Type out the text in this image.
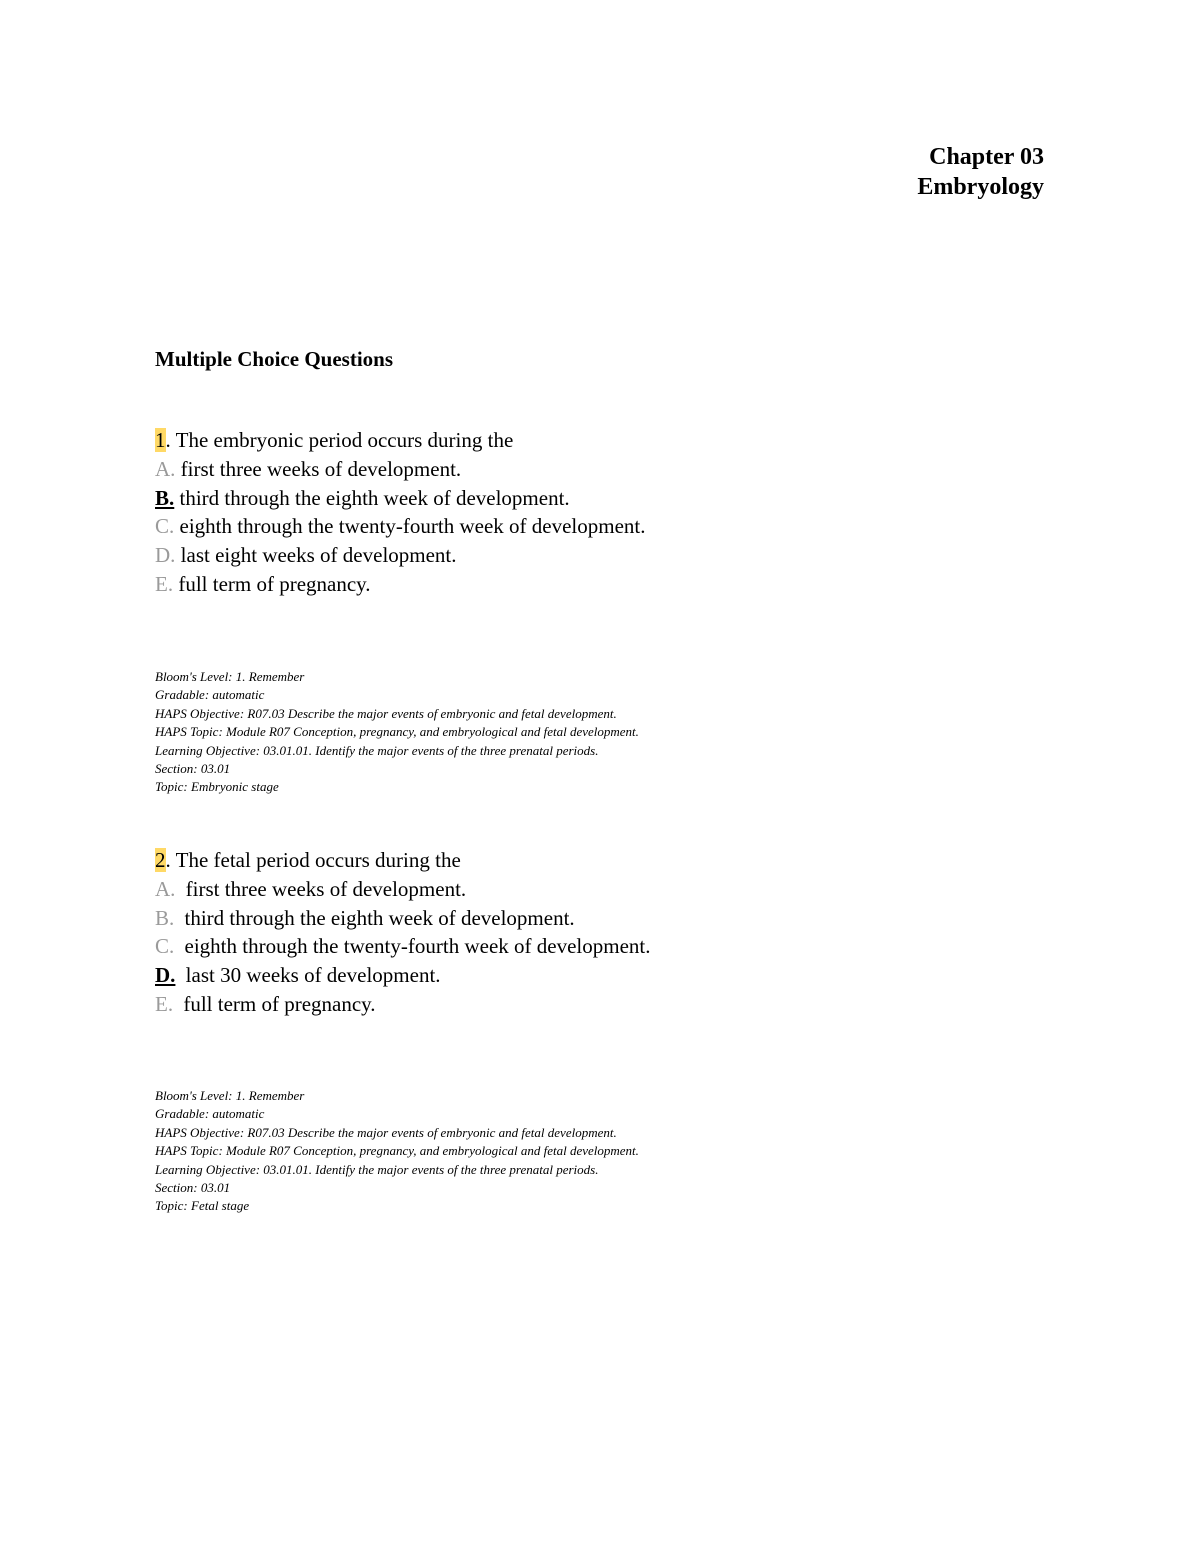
Chapter 03
Embryology
Multiple Choice Questions
1. The embryonic period occurs during the
A. first three weeks of development.
B. third through the eighth week of development.
C. eighth through the twenty-fourth week of development.
D. last eight weeks of development.
E. full term of pregnancy.
Bloom's Level: 1. Remember
Gradable: automatic
HAPS Objective: R07.03 Describe the major events of embryonic and fetal development.
HAPS Topic: Module R07 Conception, pregnancy, and embryological and fetal development.
Learning Objective: 03.01.01. Identify the major events of the three prenatal periods.
Section: 03.01
Topic: Embryonic stage
2. The fetal period occurs during the
A. first three weeks of development.
B. third through the eighth week of development.
C. eighth through the twenty-fourth week of development.
D. last 30 weeks of development.
E. full term of pregnancy.
Bloom's Level: 1. Remember
Gradable: automatic
HAPS Objective: R07.03 Describe the major events of embryonic and fetal development.
HAPS Topic: Module R07 Conception, pregnancy, and embryological and fetal development.
Learning Objective: 03.01.01. Identify the major events of the three prenatal periods.
Section: 03.01
Topic: Fetal stage
